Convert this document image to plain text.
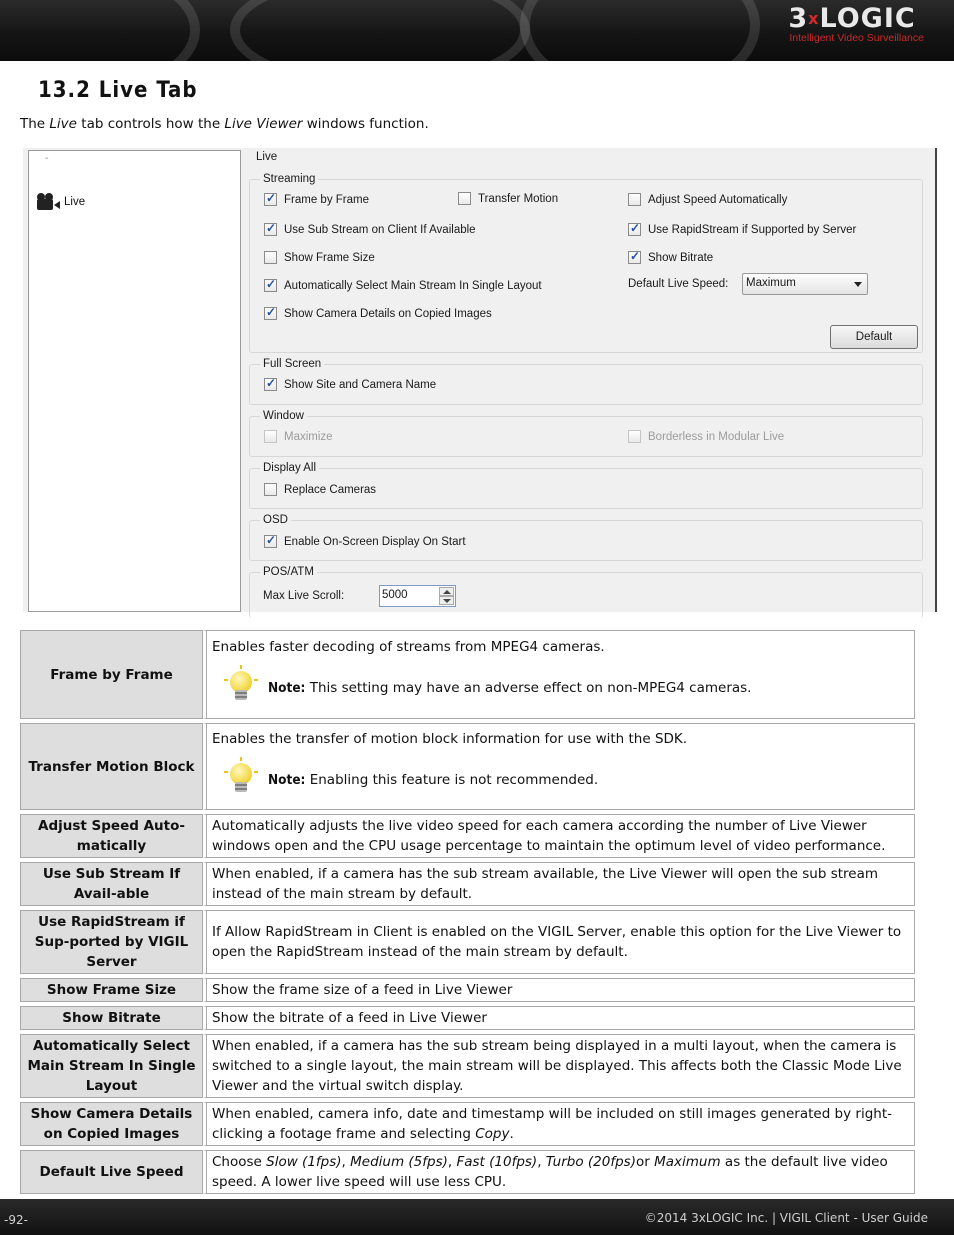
3xLOGIC
Intelligent Video Surveillance
13.2 Live Tab
The Live tab controls how the Live Viewer windows function.
-
Live
Live
Streaming
✓
Frame by Frame	Transfer Motion	Adjust Speed Automatically
✓
Use Sub Stream on Client If Available ✓	Use RapidStream if Supported by Server
Show Frame Size ✓	Show Bitrate
✓
Automatically Select Main Stream In Single Layout	Default Live Speed: Maximum
✓
Show Camera Details on Copied Images
Default
Full Screen
✓
Show Site and Camera Name
Window
Maximize	Borderless in Modular Live
Display All
Replace Cameras
OSD
✓
Enable On-Screen Display On Start
POS/ATM
Max Live Scroll:	5000
Frame by Frame	Enables faster decoding of streams from MPEG4 cameras.
Note: This setting may have an adverse effect on non-MPEG4 cameras.

Transfer Motion Block	Enables the transfer of motion block information for use with the SDK.
Note: Enabling this feature is not recommended.

Adjust Speed Auto-matically	Automatically adjusts the live video speed for each camera according the number of Live Viewer windows open and the CPU usage percentage to maintain the optimum level of video performance.
Use Sub Stream If Avail-able	When enabled, if a camera has the sub stream available, the Live Viewer will open the sub stream instead of the main stream by default.
Use RapidStream if Sup-ported by VIGIL Server	If Allow RapidStream in Client is enabled on the VIGIL Server, enable this option for the Live Viewer to open the RapidStream instead of the main stream by default.
Show Frame Size	Show the frame size of a feed in Live Viewer
Show Bitrate	Show the bitrate of a feed in Live Viewer
Automatically Select Main Stream In Single Layout	When enabled, if a camera has the sub stream being displayed in a multi layout, when the camera is switched to a single layout, the main stream will be displayed. This affects both the Classic Mode Live Viewer and the virtual switch display.
Show Camera Details on Copied Images	When enabled, camera info, date and timestamp will be included on still images generated by right-clicking a footage frame and selecting Copy.
Default Live Speed	Choose Slow (1fps), Medium (5fps), Fast (10fps), Turbo (20fps)or Maximum as the default live video speed. A lower live speed will use less CPU.
-92-	©2014 3xLOGIC Inc. | VIGIL Client - User Guide
